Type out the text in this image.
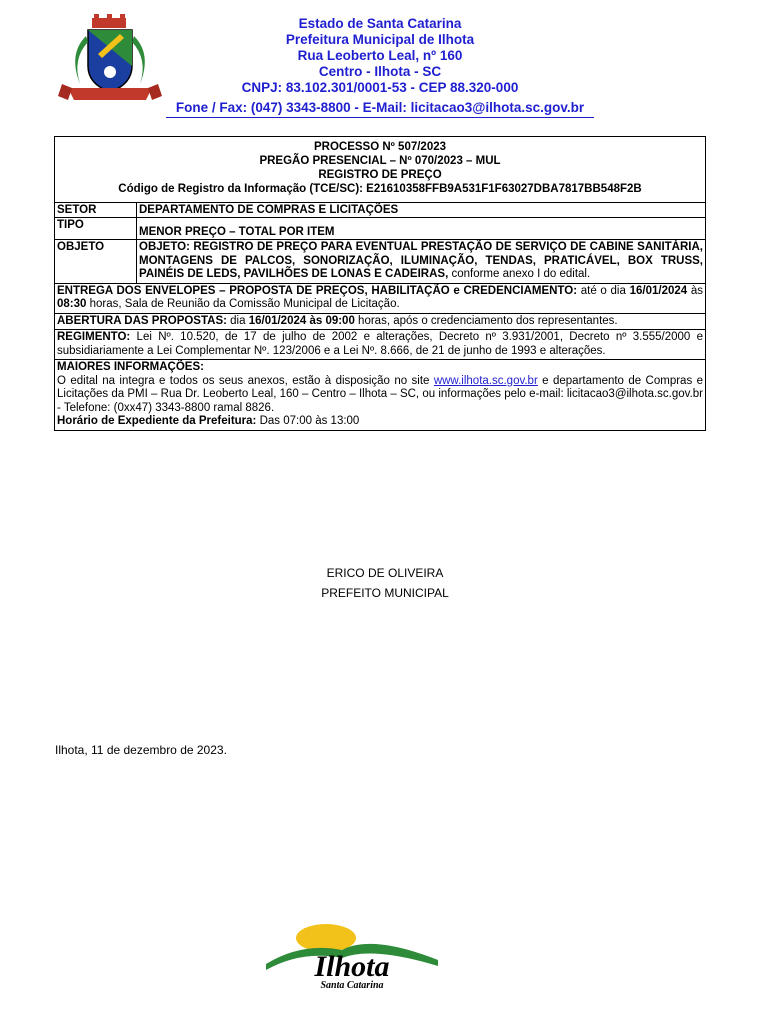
Estado de Santa Catarina
Prefeitura Municipal de Ilhota
Rua Leoberto Leal, nº 160
Centro - Ilhota - SC
CNPJ: 83.102.301/0001-53 - CEP 88.320-000
Fone / Fax: (047) 3343-8800 - E-Mail: licitacao3@ilhota.sc.gov.br
PROCESSO Nº 507/2023
PREGÃO PRESENCIAL – Nº 070/2023 – MUL
REGISTRO DE PREÇO
Código de Registro da Informação (TCE/SC): E21610358FFB9A531F1F63027DBA7817BB548F2B	

SETOR	DEPARTAMENTO DE COMPRAS E LICITAÇÕES
TIPO	MENOR PREÇO – TOTAL POR ITEM
OBJETO	OBJETO: REGISTRO DE PREÇO PARA EVENTUAL PRESTAÇÃO DE SERVIÇO DE CABINE SANITÁRIA, MONTAGENS DE PALCOS, SONORIZAÇÃO, ILUMINAÇÃO, TENDAS, PRATICÁVEL, BOX TRUSS, PAINÉIS DE LEDS, PAVILHÕES DE LONAS E CADEIRAS, conforme anexo I do edital.
ENTREGA DOS ENVELOPES – PROPOSTA DE PREÇOS, HABILITAÇÃO e CREDENCIAMENTO: até o dia 16/01/2024 às 08:30 horas, Sala de Reunião da Comissão Municipal de Licitação.	
ABERTURA DAS PROPOSTAS: dia 16/01/2024 às 09:00 horas, após o credenciamento dos representantes.	
REGIMENTO: Lei Nº. 10.520, de 17 de julho de 2002 e alterações, Decreto nº 3.931/2001, Decreto nº 3.555/2000 e subsidiariamente a Lei Complementar Nº. 123/2006 e a Lei Nº. 8.666, de 21 de junho de 1993 e alterações.	
MAIORES INFORMAÇÕES:
O edital na integra e todos os seus anexos, estão à disposição no site www.ilhota.sc.gov.br e departamento de Compras e Licitações da PMI – Rua Dr. Leoberto Leal, 160 – Centro – Ilhota – SC, ou informações pelo e-mail: licitacao3@ilhota.sc.gov.br - Telefone: (0xx47) 3343-8800 ramal 8826.
Horário de Expediente da Prefeitura: Das 07:00 às 13:00	
ERICO DE OLIVEIRA
PREFEITO MUNICIPAL
Ilhota, 11 de dezembro de 2023.
Ilhota
Santa Catarina
